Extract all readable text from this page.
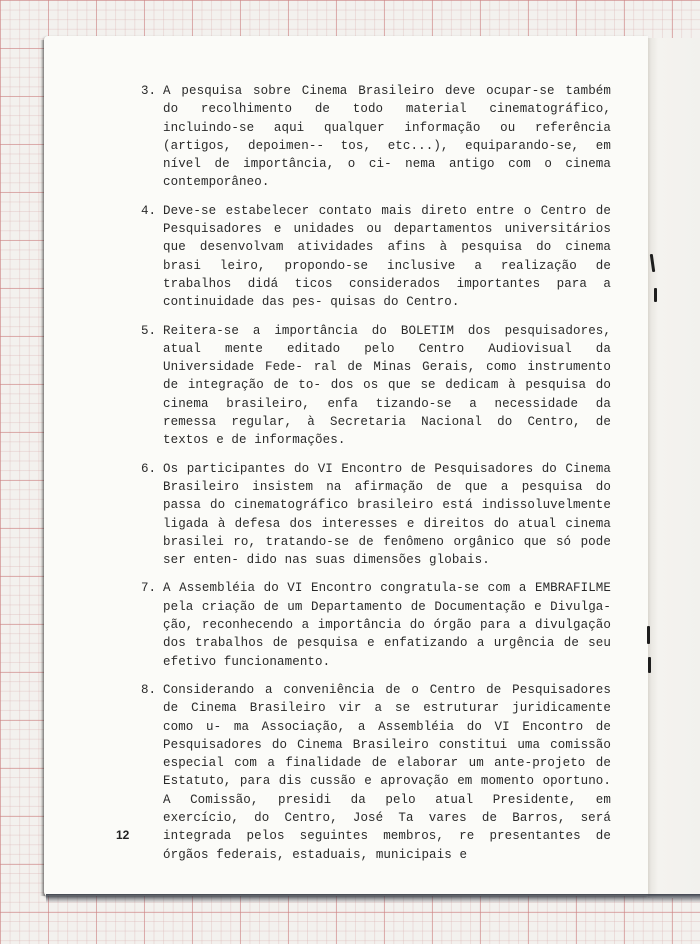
3. A pesquisa sobre Cinema Brasileiro deve ocupar-se também do recolhimento de todo material cinematográfico, incluindo-se aqui qualquer informação ou referência (artigos, depoimen-- tos, etc...), equiparando-se, em nível de importância, o ci- nema antigo com o cinema contemporâneo.
4. Deve-se estabelecer contato mais direto entre o Centro de Pesquisadores e unidades ou departamentos universitários que desenvolvam atividades afins à pesquisa do cinema brasi leiro, propondo-se inclusive a realização de trabalhos didá ticos considerados importantes para a continuidade das pes- quisas do Centro.
5. Reitera-se a importância do BOLETIM dos pesquisadores, atual mente editado pelo Centro Audiovisual da Universidade Fede- ral de Minas Gerais, como instrumento de integração de to- dos os que se dedicam à pesquisa do cinema brasileiro, enfa tizando-se a necessidade da remessa regular, à Secretaria Nacional do Centro, de textos e de informações.
6. Os participantes do VI Encontro de Pesquisadores do Cinema Brasileiro insistem na afirmação de que a pesquisa do passa do cinematográfico brasileiro está indissoluvelmente ligada à defesa dos interesses e direitos do atual cinema brasilei ro, tratando-se de fenômeno orgânico que só pode ser enten- dido nas suas dimensões globais.
7. A Assembléia do VI Encontro congratula-se com a EMBRAFILME pela criação de um Departamento de Documentação e Divulga- ção, reconhecendo a importância do órgão para a divulgação dos trabalhos de pesquisa e enfatizando a urgência de seu efetivo funcionamento.
8. Considerando a conveniência de o Centro de Pesquisadores de Cinema Brasileiro vir a se estruturar juridicamente como u- ma Associação, a Assembléia do VI Encontro de Pesquisadores do Cinema Brasileiro constitui uma comissão especial com a finalidade de elaborar um ante-projeto de Estatuto, para dis cussão e aprovação em momento oportuno. A Comissão, presidi da pelo atual Presidente, em exercício, do Centro, José Ta vares de Barros, será integrada pelos seguintes membros, re presentantes de órgãos federais, estaduais, municipais e
12
